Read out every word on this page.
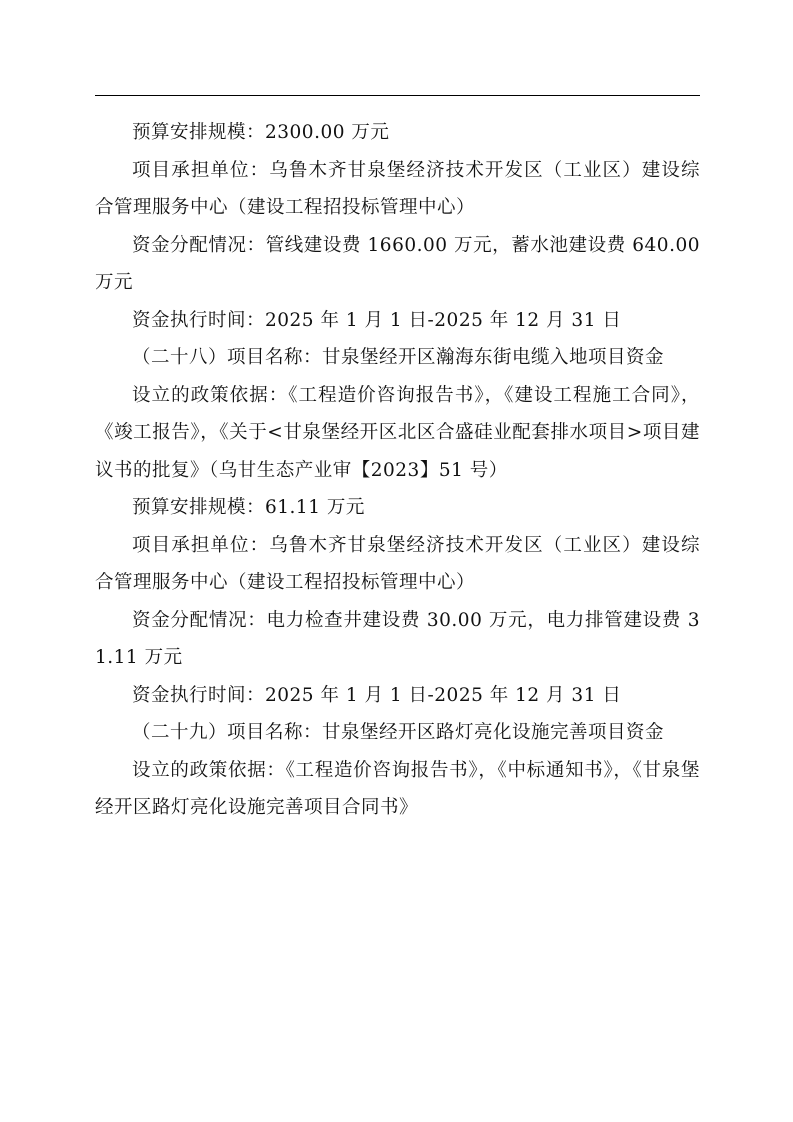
预算安排规模：2300.00 万元

项目承担单位：乌鲁木齐甘泉堡经济技术开发区（工业区）建设综合管理服务中心（建设工程招投标管理中心）

资金分配情况：管线建设费 1660.00 万元，蓄水池建设费 640.00 万元

资金执行时间：2025 年 1 月 1 日-2025 年 12 月 31 日

（二十八）项目名称：甘泉堡经开区瀚海东街电缆入地项目资金

设立的政策依据：《工程造价咨询报告书》，《建设工程施工合同》，《竣工报告》，《关于<甘泉堡经开区北区合盛硅业配套排水项目>项目建议书的批复》（乌甘生态产业审【2023】51 号）

预算安排规模：61.11 万元

项目承担单位：乌鲁木齐甘泉堡经济技术开发区（工业区）建设综合管理服务中心（建设工程招投标管理中心）

资金分配情况：电力检查井建设费 30.00 万元，电力排管建设费 31.11 万元

资金执行时间：2025 年 1 月 1 日-2025 年 12 月 31 日

（二十九）项目名称：甘泉堡经开区路灯亮化设施完善项目资金

设立的政策依据：《工程造价咨询报告书》，《中标通知书》，《甘泉堡经开区路灯亮化设施完善项目合同书》
